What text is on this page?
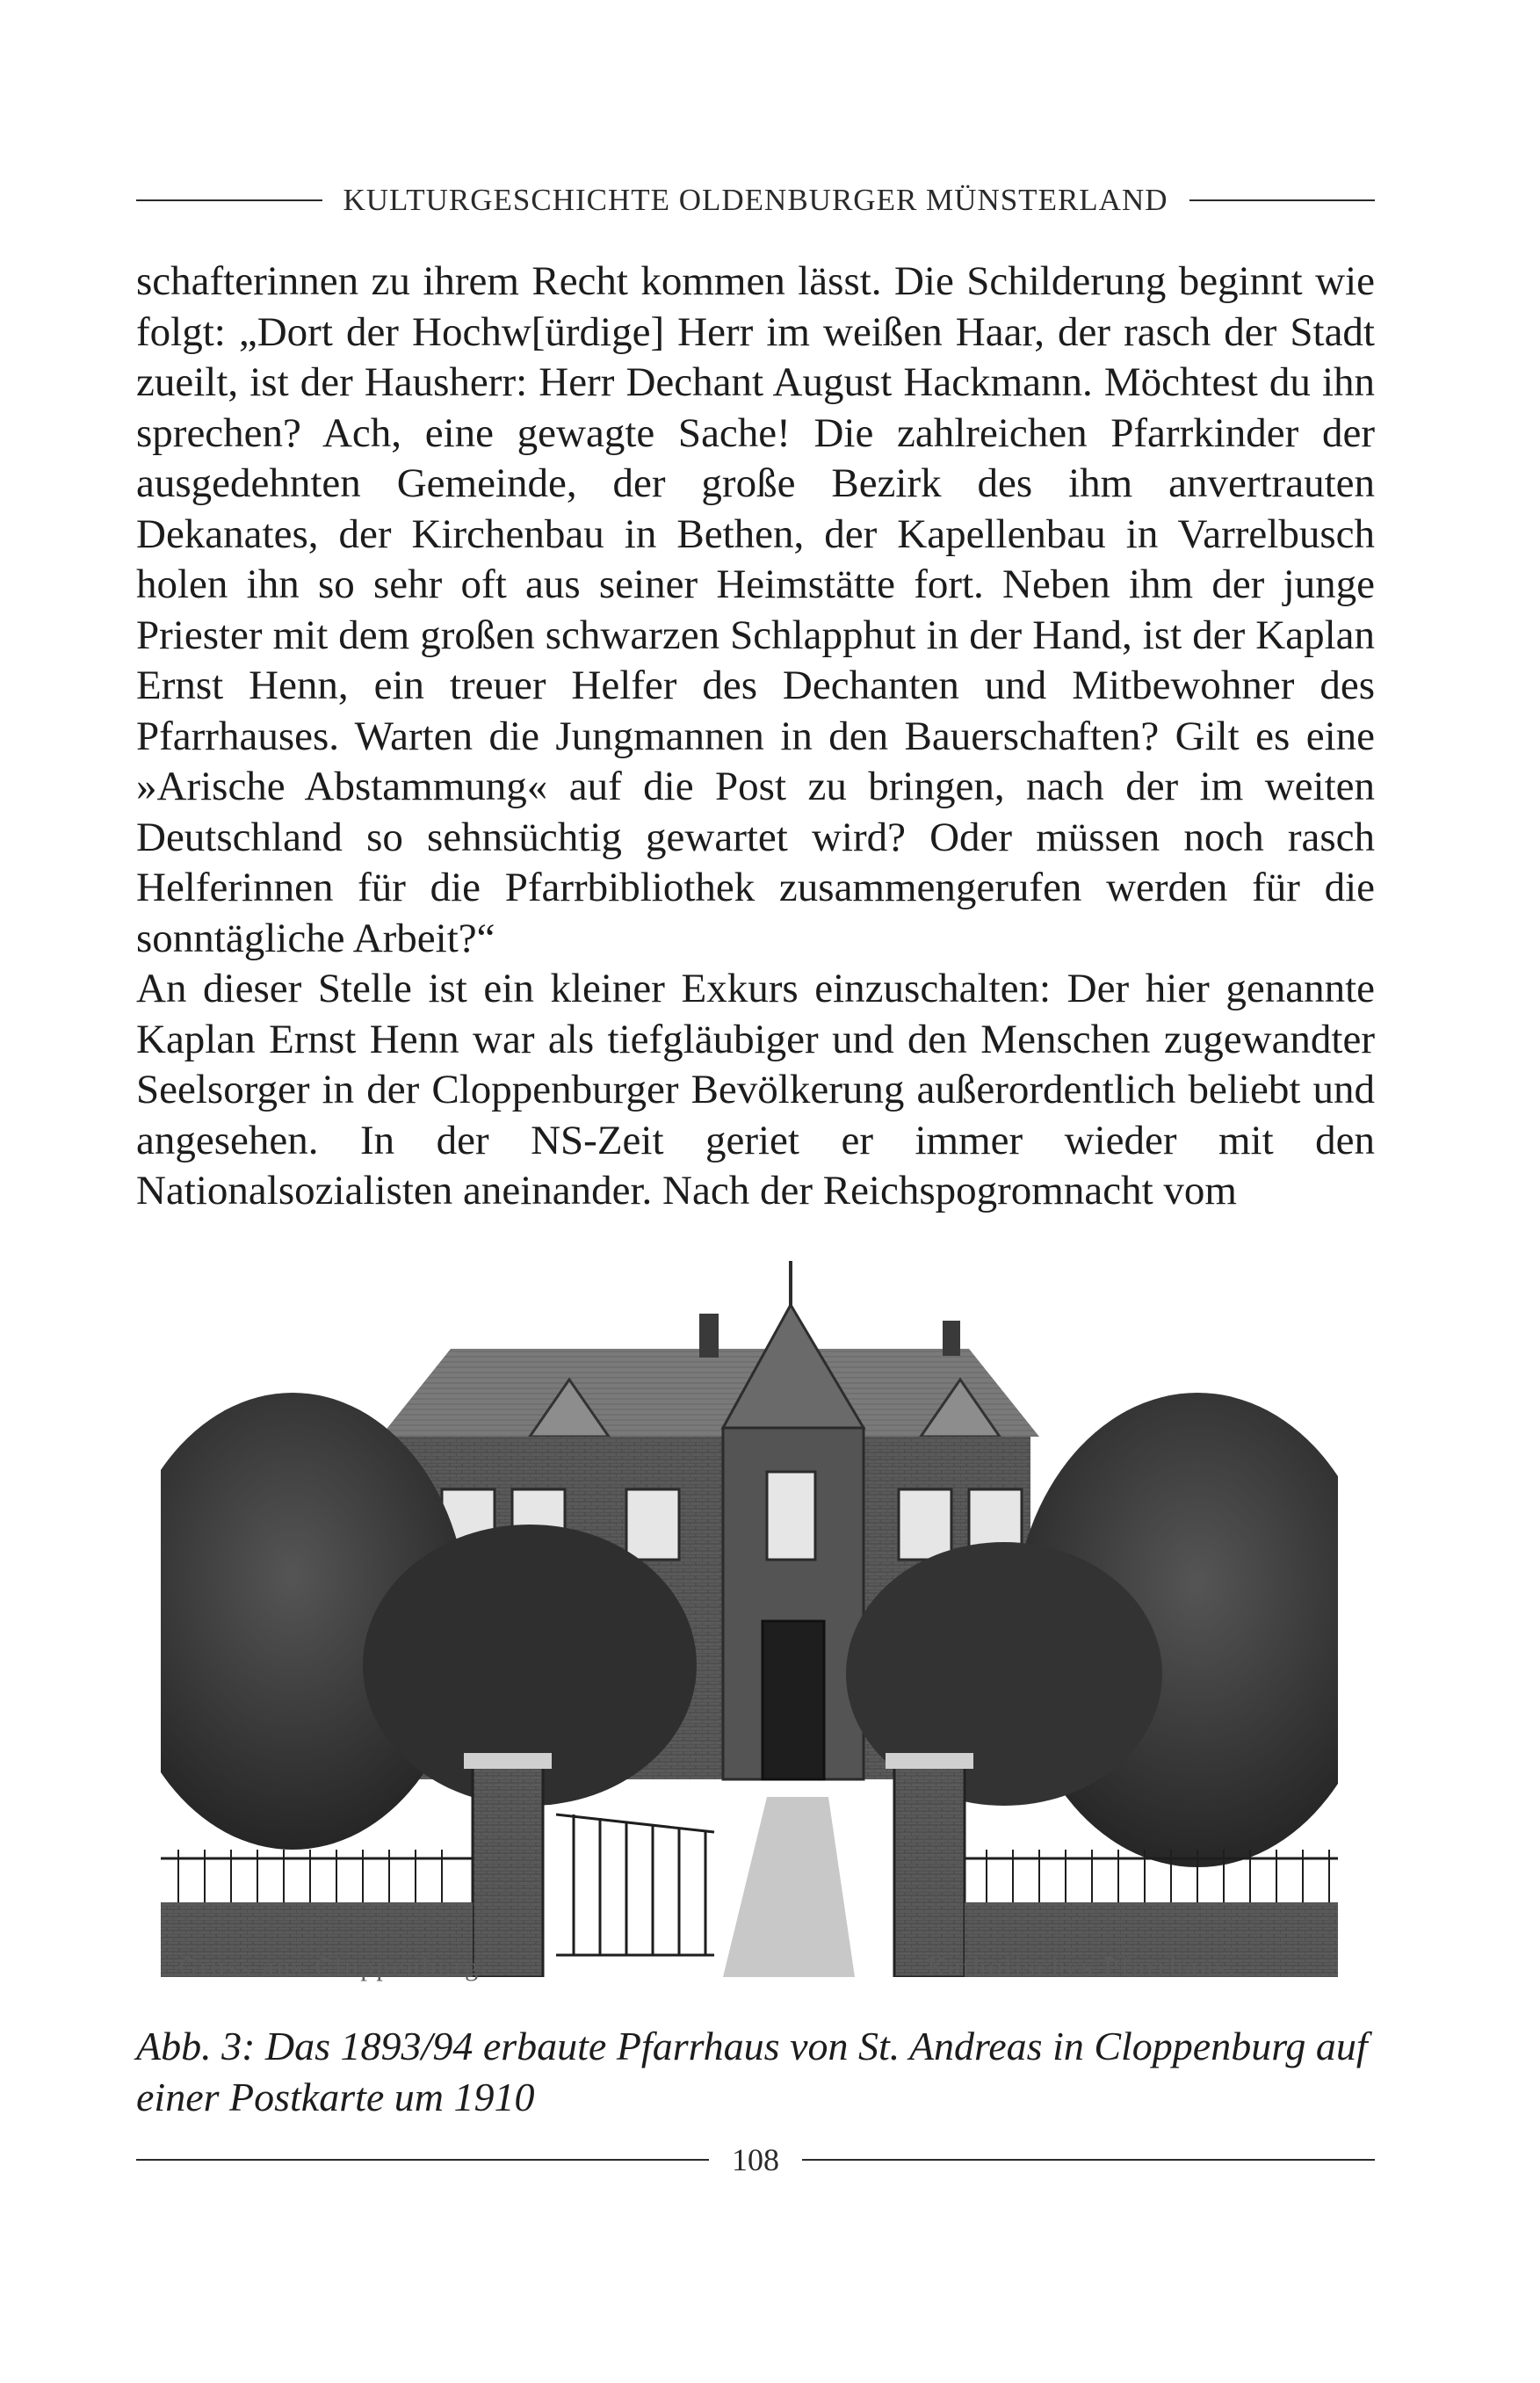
KULTURGESCHICHTE OLDENBURGER MÜNSTERLAND

schafterinnen zu ihrem Recht kommen lässt. Die Schilderung beginnt wie folgt: „Dort der Hochw[ürdige] Herr im weißen Haar, der rasch der Stadt zueilt, ist der Hausherr: Herr Dechant August Hackmann. Möchtest du ihn sprechen? Ach, eine gewagte Sache! Die zahlreichen Pfarrkinder der ausgedehnten Gemeinde, der große Bezirk des ihm anvertrauten Dekanates, der Kirchenbau in Bethen, der Kapellenbau in Varrelbusch holen ihn so sehr oft aus seiner Heimstätte fort. Neben ihm der junge Priester mit dem großen schwarzen Schlapphut in der Hand, ist der Kaplan Ernst Henn, ein treuer Helfer des Dechanten und Mitbewohner des Pfarrhauses. Warten die Jungmannen in den Bauerschaften? Gilt es eine »Arische Abstammung« auf die Post zu bringen, nach der im weiten Deutschland so sehnsüchtig gewartet wird? Oder müssen noch rasch Helferinnen für die Pfarrbibliothek zusammengerufen werden für die sonntägliche Arbeit?“

An dieser Stelle ist ein kleiner Exkurs einzuschalten: Der hier genannte Kaplan Ernst Henn war als tiefgläubiger und den Menschen zugewandter Seelsorger in der Cloppenburger Bevölkerung außerordentlich beliebt und angesehen. In der NS-Zeit geriet er immer wieder mit den Nationalsozialisten aneinander. Nach der Reichspogromnacht vom

Gruss aus Cloppenburg.	Katholisches Pfarrhaus.
Abb. 3: Das 1893/94 erbaute Pfarrhaus von St. Andreas in Cloppenburg auf einer Postkarte um 1910
108
